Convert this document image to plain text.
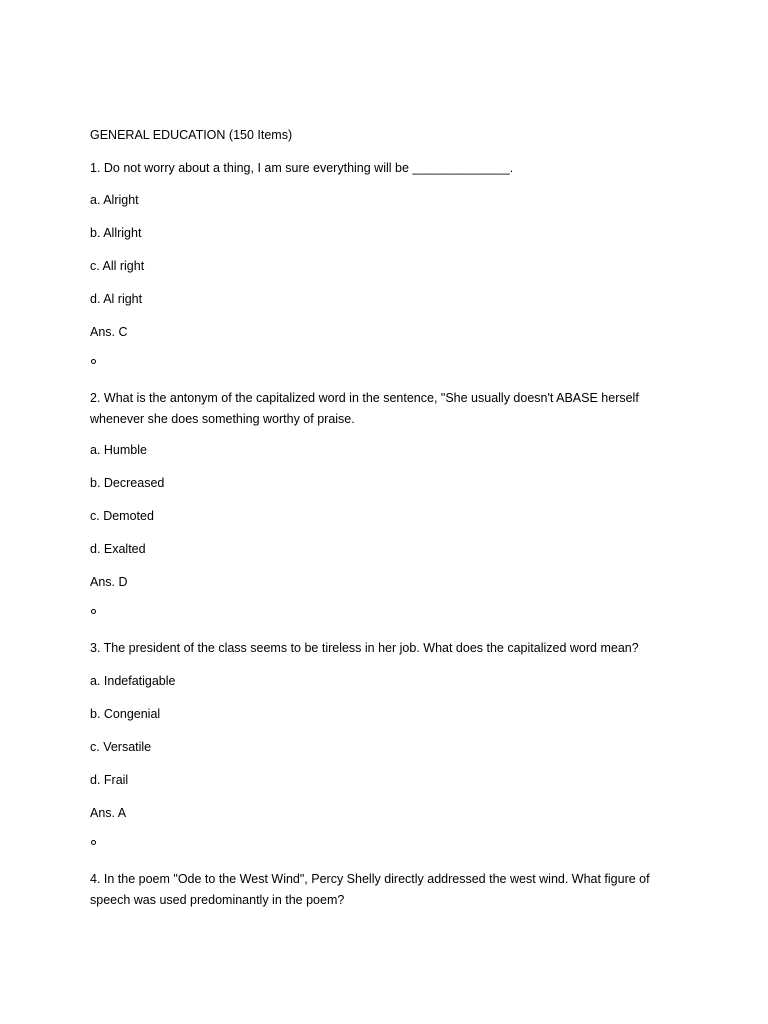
GENERAL EDUCATION (150 Items)
1. Do not worry about a thing, I am sure everything will be ______________.
a. Alright
b. Allright
c. All right
d. Al right
Ans. C
2. What is the antonym of the capitalized word in the sentence, "She usually doesn't ABASE herself whenever she does something worthy of praise.
a. Humble
b. Decreased
c. Demoted
d. Exalted
Ans. D
3. The president of the class seems to be tireless in her job. What does the capitalized word mean?
a. Indefatigable
b. Congenial
c. Versatile
d. Frail
Ans. A
4. In the poem "Ode to the West Wind", Percy Shelly directly addressed the west wind. What figure of speech was used predominantly in the poem?
